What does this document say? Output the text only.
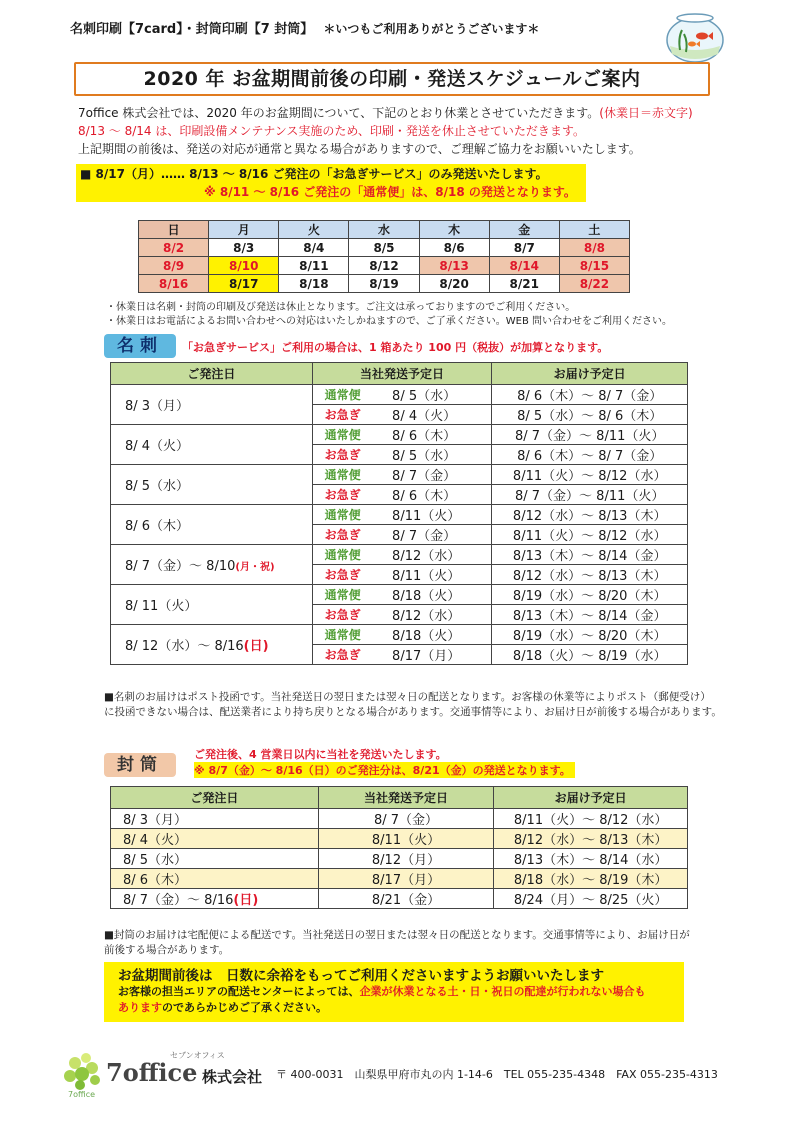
名刺印刷【7card】・封筒印刷【7 封筒】 ＊いつもご利用ありがとうございます＊
2020 年 お盆期間前後の印刷・発送スケジュールご案内
7office 株式会社では、2020 年のお盆期間について、下記のとおり休業とさせていただきます。(休業日＝赤文字)
8/13 ～ 8/14 は、印刷設備メンテナンス実施のため、印刷・発送を休止させていただきます。
上記期間の前後は、発送の対応が通常と異なる場合がありますので、ご理解ご協力をお願いいたします。
■ 8/17（月）…… 8/13 ～ 8/16 ご発注の「お急ぎサービス」のみ発送いたします。
※ 8/11 ～ 8/16 ご発注の「通常便」は、8/18 の発送となります。
日	月	火	水	木	金	土
8/2	8/3	8/4	8/5	8/6	8/7	8/8
8/9	8/10	8/11	8/12	8/13	8/14	8/15
8/16	8/17	8/18	8/19	8/20	8/21	8/22
・休業日は名刺・封筒の印刷及び発送は休止となります。ご注文は承っておりますのでご利用ください。
・休業日はお電話によるお問い合わせへの対応はいたしかねますので、ご了承ください。WEB 問い合わせをご利用ください。
名刺	「お急ぎサービス」ご利用の場合は、1 箱あたり 100 円（税抜）が加算となります。
ご発注日	当社発送予定日		お届け予定日
8/ 3（月）	通常便	8/ 5（水）	8/ 6（木）～ 8/ 7（金）
	お急ぎ	8/ 4（火）	8/ 5（水）～ 8/ 6（木）
8/ 4（火）	通常便	8/ 6（木）	8/ 7（金）～ 8/11（火）
	お急ぎ	8/ 5（水）	8/ 6（木）～ 8/ 7（金）
8/ 5（水）	通常便	8/ 7（金）	8/11（火）～ 8/12（水）
	お急ぎ	8/ 6（木）	8/ 7（金）～ 8/11（火）
8/ 6（木）	通常便	8/11（火）	8/12（水）～ 8/13（木）
	お急ぎ	8/ 7（金）	8/11（火）～ 8/12（水）
8/ 7（金）～ 8/10(月・祝)	通常便	8/12（水）	8/13（木）～ 8/14（金）
	お急ぎ	8/11（火）	8/12（水）～ 8/13（木）
8/ 11（火）	通常便	8/18（火）	8/19（水）～ 8/20（木）
	お急ぎ	8/12（水）	8/13（木）～ 8/14（金）
8/ 12（水）～ 8/16(日)	通常便	8/18（火）	8/19（水）～ 8/20（木）
	お急ぎ	8/17（月）	8/18（火）～ 8/19（水）
■名刺のお届けはポスト投函です。当社発送日の翌日または翌々日の配送となります。お客様の休業等によりポスト（郵便受け）
に投函できない場合は、配送業者により持ち戻りとなる場合があります。交通事情等により、お届け日が前後する場合があります。
封筒
ご発注後、4 営業日以内に当社を発送いたします。
※ 8/7（金）～ 8/16（日）のご発注分は、8/21（金）の発送となります。
ご発注日	当社発送予定日	お届け予定日
8/ 3（月）	8/ 7（金）	8/11（火）～ 8/12（水）
8/ 4（火）	8/11（火）	8/12（水）～ 8/13（木）
8/ 5（水）	8/12（月）	8/13（木）～ 8/14（水）
8/ 6（木）	8/17（月）	8/18（水）～ 8/19（木）
8/ 7（金）～ 8/16(日)	8/21（金）	8/24（月）～ 8/25（火）
■封筒のお届けは宅配便による配送です。当社発送日の翌日または翌々日の配送となります。交通事情等により、お届け日が
前後する場合があります。
お盆期間前後は　日数に余裕をもってご利用くださいますようお願いいたします
お客様の担当エリアの配送センターによっては、企業が休業となる土・日・祝日の配達が行われない場合も
ありますのであらかじめご了承ください。
セブンオフィス
7office 株式会社
7office
〒 400-0031　山梨県甲府市丸の内 1-14-6　TEL 055-235-4348　FAX 055-235-4313
